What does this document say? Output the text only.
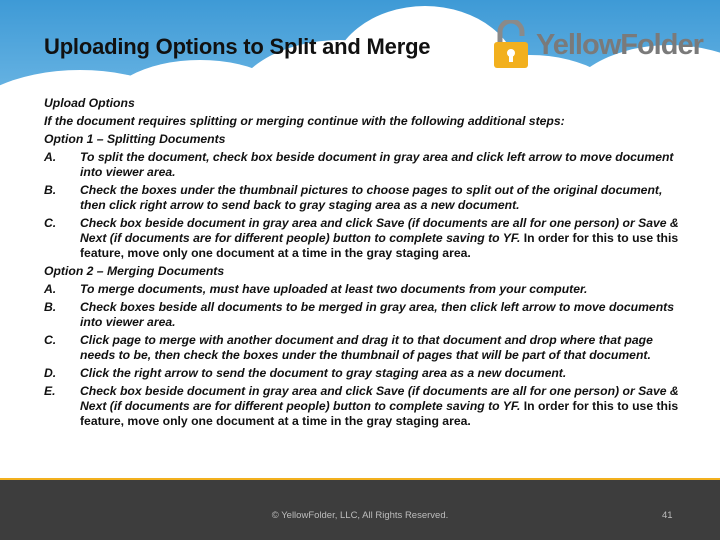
Uploading Options to Split and Merge	YellowFolder
Upload Options
If the document requires splitting or merging continue with the following additional steps:
Option 1 – Splitting Documents
A.	To split the document, check box beside document in gray area and click left arrow to move document into viewer area.
B.	Check the boxes under the thumbnail pictures to choose pages to split out of the original document, then click right arrow to send back to gray staging area as a new document.
C.	Check box beside document in gray area and click Save (if documents are all for one person) or Save & Next (if documents are for different people) button to complete saving to YF. In order for this to use this feature, move only one document at a time in the gray staging area.
Option 2 – Merging Documents
A.	To merge documents, must have uploaded at least two documents from your computer.
B.	Check boxes beside all documents to be merged in gray area, then click left arrow to move documents into viewer area.
C.	Click page to merge with another document and drag it to that document and drop where that page needs to be, then check the boxes under the thumbnail of pages that will be part of that document.
D.	Click the right arrow to send the document to gray staging area as a new document.
E.	Check box beside document in gray area and click Save (if documents are all for one person) or Save & Next (if documents are for different people) button to complete saving to YF. In order for this to use this feature, move only one document at a time in the gray staging area.
© YellowFolder, LLC, All Rights Reserved.	41
